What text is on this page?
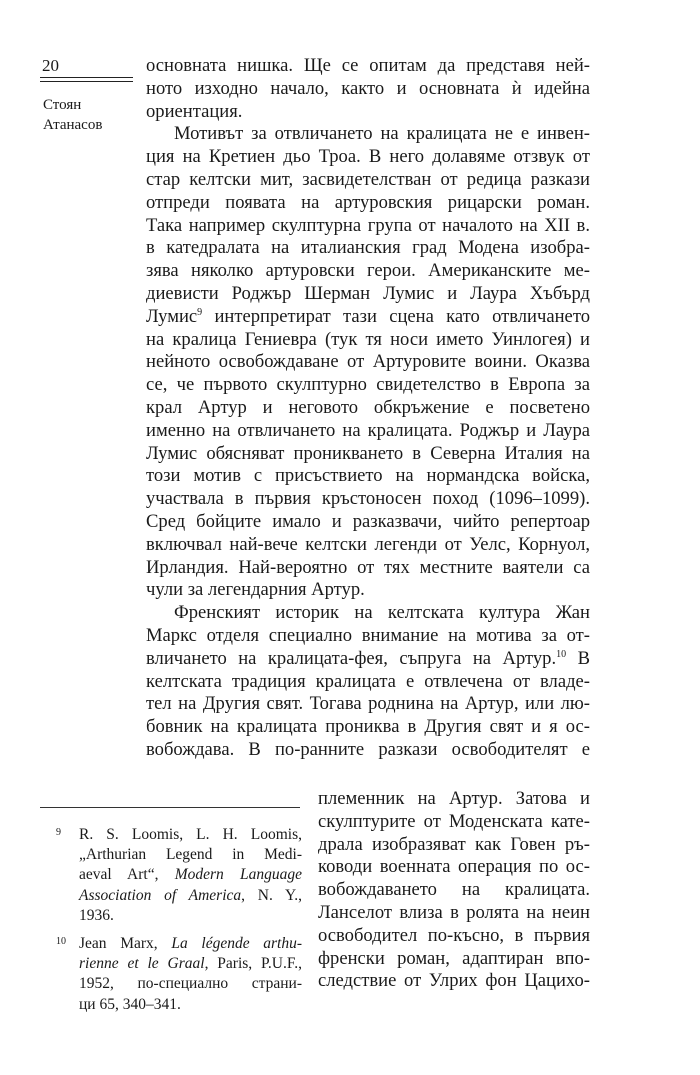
20
Стоян
Атанасов
основната нишка. Ще се опитам да представя ней-
ното изходно начало, както и основната ѝ идейна
ориентация.
Мотивът за отвличането на кралицата не е инвен-
ция на Кретиен дьо Троа. В него долавяме отзвук от
стар келтски мит, засвидетелстван от редица разкази
отпреди появата на артуровския рицарски роман.
Така например скулптурна група от началото на XII в.
в катедралата на италианския град Модена изобра-
зява няколко артуровски герои. Американските ме-
диевисти Роджър Шерман Лумис и Лаура Хъбърд
Лумис$^9$ интерпретират тази сцена като отвличането
на кралица Гениевра (тук тя носи името Уинлогея) и
нейното освобождаване от Артуровите воини. Оказва
се, че първото скулптурно свидетелство в Европа за
крал Артур и неговото обкръжение е посветено
именно на отвличането на кралицата. Роджър и Лаура
Лумис обясняват проникването в Северна Италия на
този мотив с присъствието на нормандска войска,
участвала в първия кръстоносен поход (1096–1099).
Сред бойците имало и разказвачи, чийто репертоар
включвал най-вече келтски легенди от Уелс, Корнуол,
Ирландия. Най-вероятно от тях местните ваятели са
чули за легендарния Артур.
Френският историк на келтската култура Жан
Маркс отделя специално внимание на мотива за от-
вличането на кралицата-фея, съпруга на Артур.$^{10}$ В
келтската традиция кралицата е отвлечена от владе-
тел на Другия свят. Тогава роднина на Артур, или лю-
бовник на кралицата прониква в Другия свят и я ос-
вобождава. В по-ранните разкази освободителят е
9 R. S. Loomis, L. H. Loomis,
„Arthurian Legend in Medi-
aeval Art“, Modern Language
Association of America, N. Y.,
1936.
10 Jean Marx, La légende arthu-
rienne et le Graal, Paris, P.U.F.,
1952, по-специално страни-
ци 65, 340–341.
племенник на Артур. Затова и
скулптурите от Моденската кате-
драла изобразяват как Говен ръ-
ководи военната операция по ос-
вобождаването на кралицата.
Ланселот влиза в ролята на неин
освободител по-късно, в първия
френски роман, адаптиран впо-
следствие от Улрих фон Цацихо-
